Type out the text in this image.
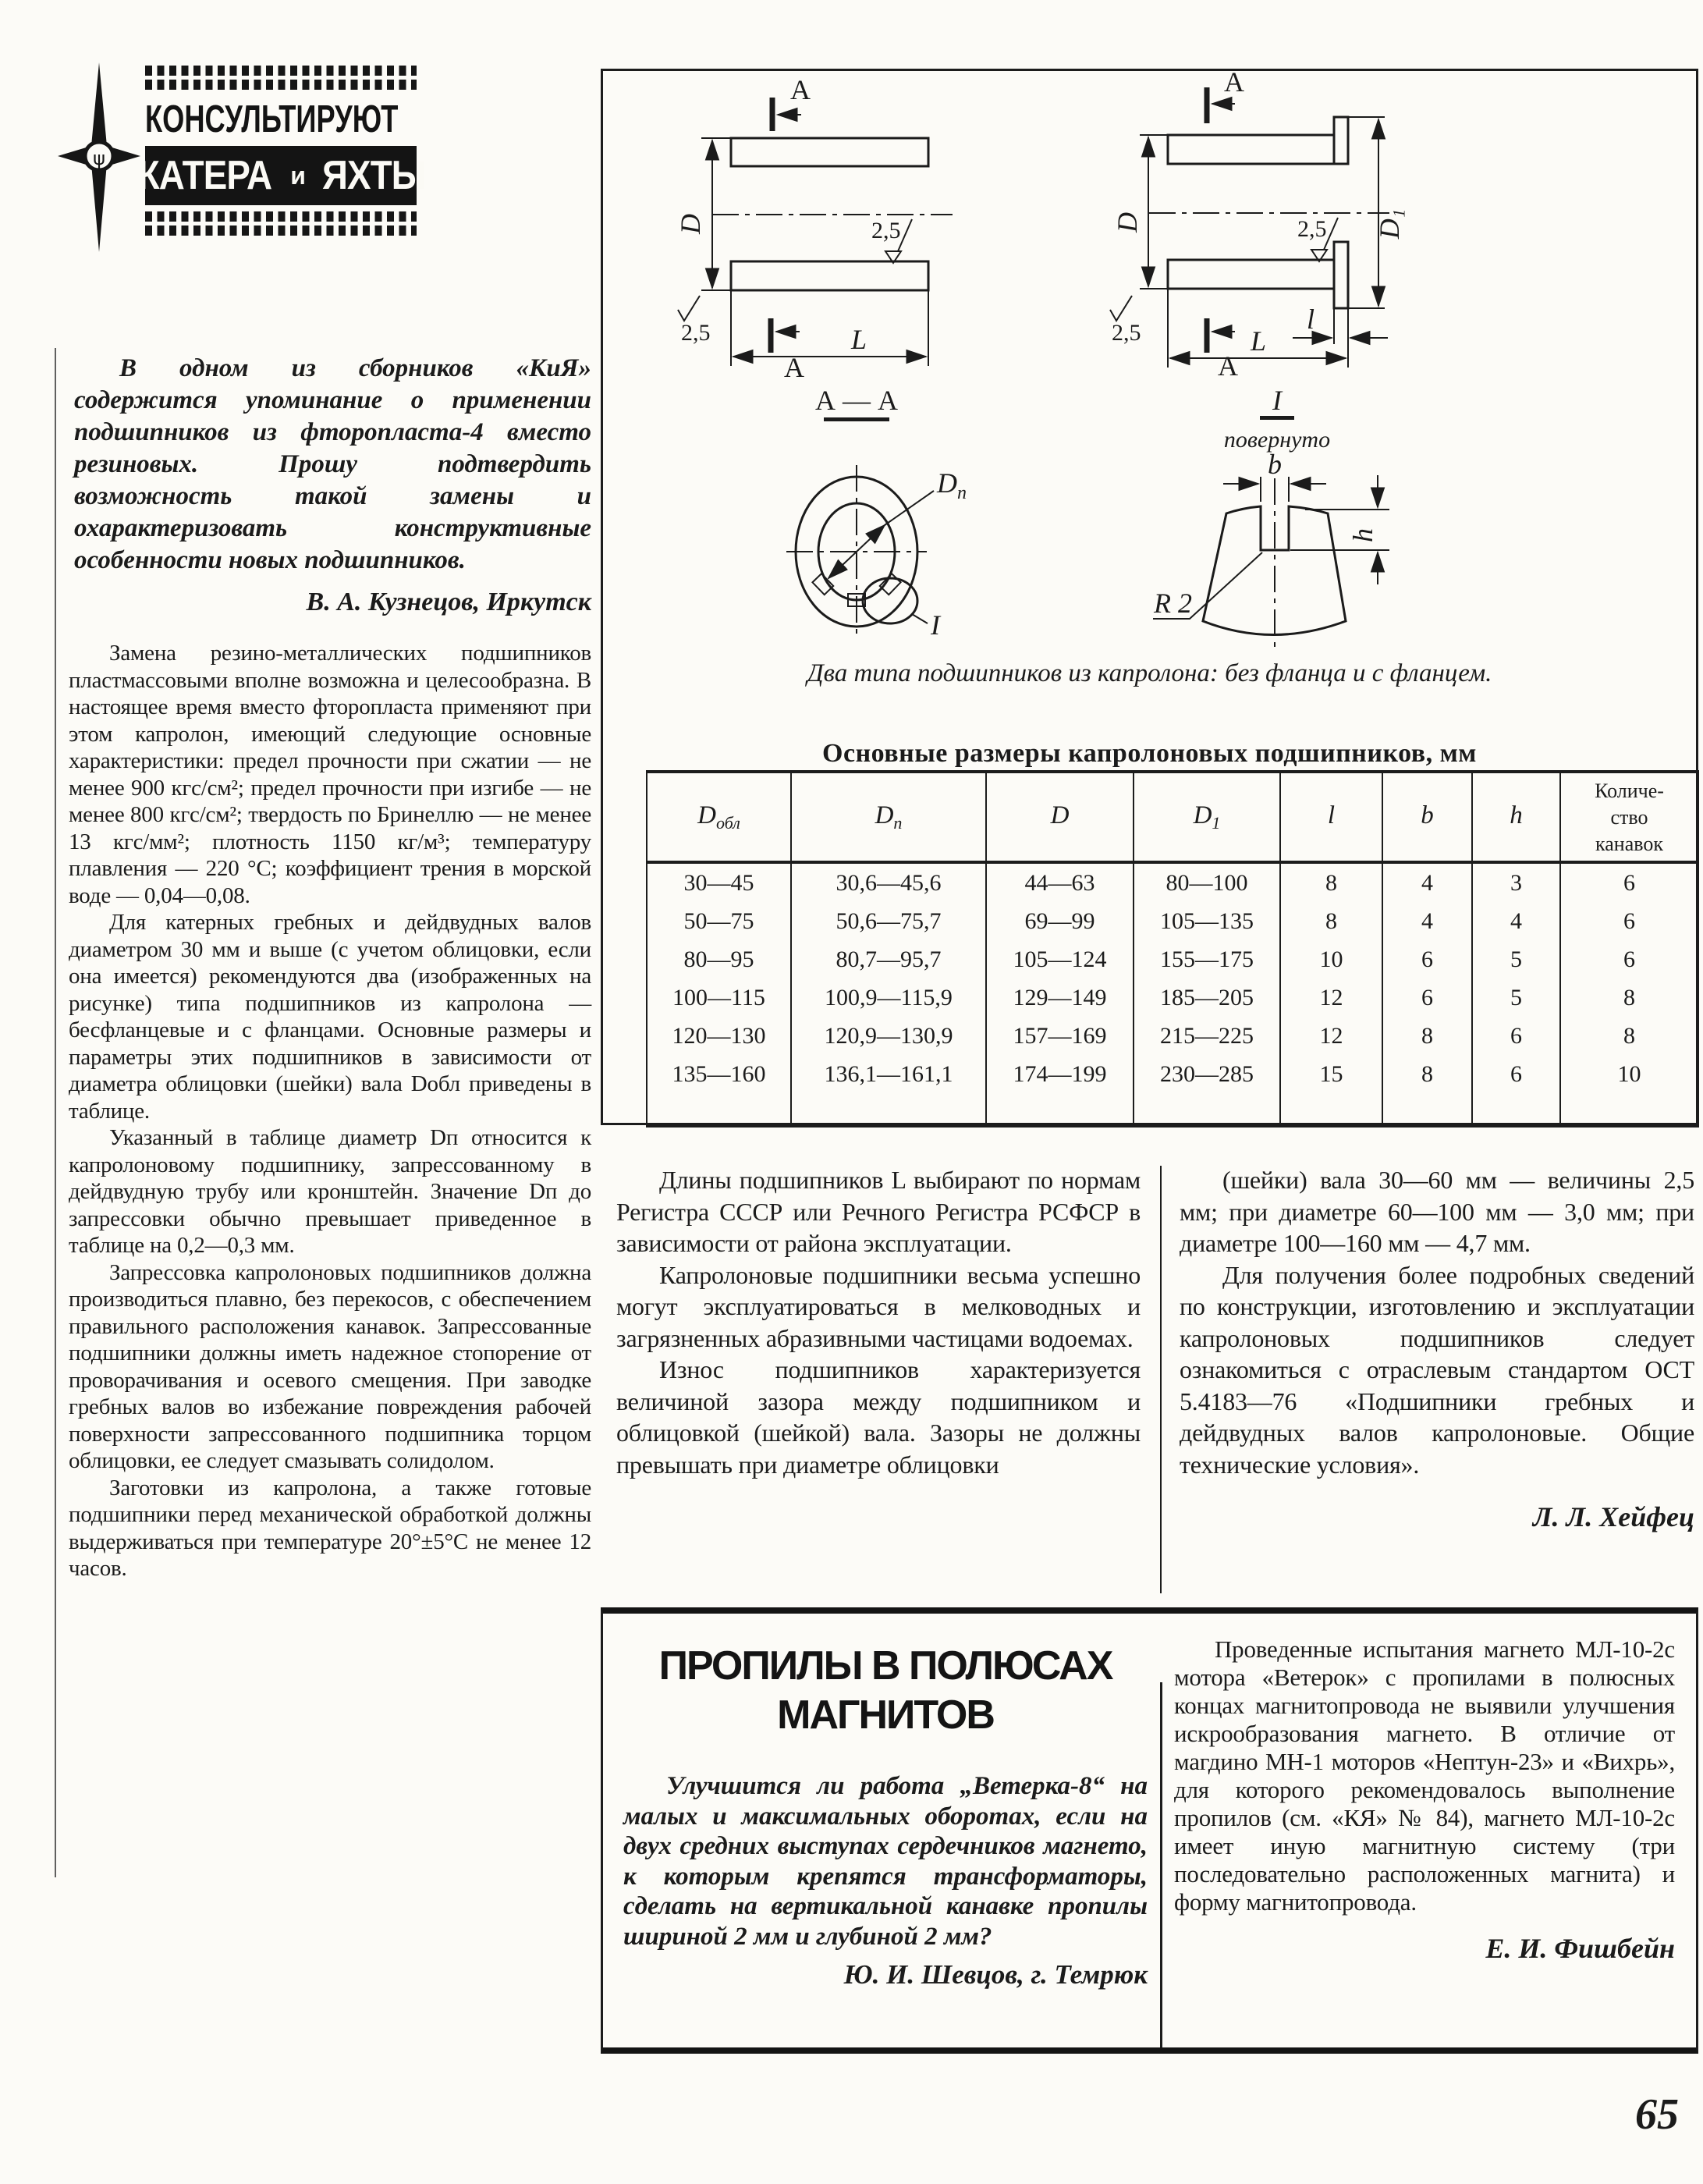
ψ
КОНСУЛЬТИРУЮТ
КАТЕРА и ЯХТЫ

В одном из сборников «КиЯ» содержится упоминание о применении подшипников из фторопласта-4 вместо резиновых. Прошу подтвердить возможность такой замены и охарактеризовать конструктивные особенности новых подшипников.

В. А. Кузнецов, Иркутск

Замена резино-металлических подшипников пластмассовыми вполне возможна и целесообразна. В настоящее время вместо фторопласта применяют при этом капролон, имеющий следующие основные характеристики: предел прочности при сжатии — не менее 900 кгс/см²; предел прочности при изгибе — не менее 800 кгс/см²; твердость по Бринеллю — не менее 13 кгс/мм²; плотность 1150 кг/м³; температуру плавления — 220 °С; коэффициент трения в морской воде — 0,04—0,08.

Для катерных гребных и дейдвудных валов диаметром 30 мм и выше (с учетом облицовки, если она имеется) рекомендуются два (изображенных на рисунке) типа подшипников из капролона — бесфланцевые и с фланцами. Основные размеры и параметры этих подшипников в зависимости от диаметра облицовки (шейки) вала Dобл приведены в таблице.

Указанный в таблице диаметр Dп относится к капролоновому подшипнику, запрессованному в дейдвудную трубу или кронштейн. Значение Dп до запрессовки обычно превышает приведенное в таблице на 0,2—0,3 мм.

Запрессовка капролоновых подшипников должна производиться плавно, без перекосов, с обеспечением правильного расположения канавок. Запрессованные подшипники должны иметь надежное стопорение от проворачивания и осевого смещения. При заводке гребных валов во избежание повреждения рабочей поверхности запрессованного подшипника торцом облицовки, ее следует смазывать солидолом.

Заготовки из капролона, а также готовые подшипники перед механической обработкой должны выдерживаться при температуре 20°±5°С не менее 12 часов.

D
А
А
2,5
2,5	L
D	D₁
А
А
2,5
2,5	l
L
А — А
$D_п$
I
I
повернуто
b
h
R 2
Два типа подшипников из капролона: без фланца и с фланцем.
Основные размеры капролоновых подшипников, мм
$D_{обл}$	$D_п$	D	$D_1$	l	b	h	Количе-
ство
канавок
30—45	30,6—45,6	44—63	80—100	8	4	3	6
50—75	50,6—75,7	69—99	105—135	8	4	4	6
80—95	80,7—95,7	105—124	155—175	10	6	5	6
100—115	100,9—115,9	129—149	185—205	12	6	5	8
120—130	120,9—130,9	157—169	215—225	12	8	6	8
135—160	136,1—161,1	174—199	230—285	15	8	6	10

Длины подшипников L выбирают по нормам Регистра СССР или Речного Регистра РСФСР в зависимости от района эксплуатации.

Капролоновые подшипники весьма успешно могут эксплуатироваться в мелководных и загрязненных абразивными частицами водоемах.

Износ подшипников характеризуется величиной зазора между подшипником и облицовкой (шейкой) вала. Зазоры не должны превышать при диаметре облицовки

(шейки) вала 30—60 мм — величины 2,5 мм; при диаметре 60—100 мм — 3,0 мм; при диаметре 100—160 мм — 4,7 мм.

Для получения более подробных сведений по конструкции, изготовлению и эксплуатации капролоновых подшипников следует ознакомиться с отраслевым стандартом ОСТ 5.4183—76 «Подшипники гребных и дейдвудных валов капролоновые. Общие технические условия».

Л. Л. Хейфец
ПРОПИЛЫ В ПОЛЮСАХ МАГНИТОВ

Улучшится ли работа „Ветерка-8“ на малых и максимальных оборотах, если на двух средних выступах сердечников магнето, к которым крепятся трансформаторы, сделать на вертикальной канавке пропилы шириной 2 мм и глубиной 2 мм?

Ю. И. Шевцов, г. Темрюк

Проведенные испытания магнето МЛ-10-2с мотора «Ветерок» с пропилами в полюсных концах магнитопровода не выявили улучшения искрообразования магнето. В отличие от магдино МН-1 моторов «Нептун-23» и «Вихрь», для которого рекомендовалось выполнение пропилов (см. «КЯ» № 84), магнето МЛ-10-2с имеет иную магнитную систему (три последовательно расположенных магнита) и форму магнитопровода.

Е. И. Фишбейн
65
